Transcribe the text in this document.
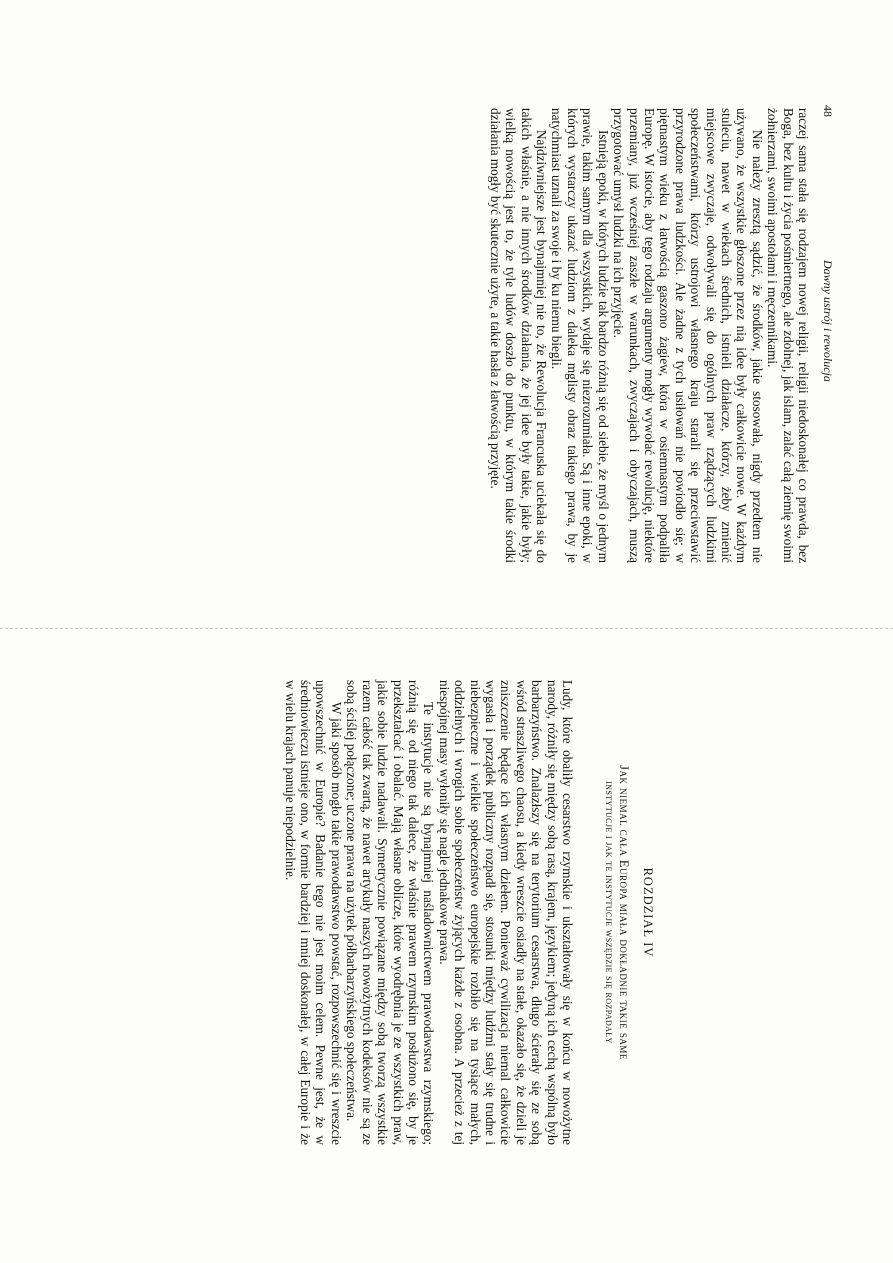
48
Dawny ustrój i rewolucja

raczej sama stała się rodzajem nowej religii, religii niedoskonałej co prawda, bez Boga, bez kultu i życia pośmiertnego, ale zdolnej, jak islam, zalać całą ziemię swoimi żołnierzami, swoimi apostołami i męczennikami.

Nie należy zresztą sądzić, że środków, jakie stosowała, nigdy przedtem nie używano, że wszystkie głoszone przez nią idee były całkowicie nowe. W każdym stuleciu, nawet w wiekach średnich, istnieli działacze, którzy, żeby zmienić miejscowe zwyczaje, odwoływali się do ogólnych praw rządzących ludzkimi społeczeństwami, którzy ustrojowi własnego kraju starali się przeciwstawić przyrodzone prawa ludzkości. Ale żadne z tych usiłowań nie powiodło się; w piętnastym wieku z łatwością gaszono żagiew, która w osiemnastym podpaliła Europę. W istocie, aby tego rodzaju argumenty mogły wywołać rewolucję, niektóre przemiany, już wcześniej zaszłe w warunkach, zwyczajach i obyczajach, muszą przygotować umysł ludzki na ich przyjęcie.

Istnieją epoki, w których ludzie tak bardzo różnią się od siebie, że myśl o jednym prawie, takim samym dla wszystkich, wydaje się niezrozumiała. Są i inne epoki, w których wystarczy ukazać ludziom z daleka mglisty obraz takiego prawa, by je natychmiast uznali za swoje i by ku niemu biegli.

Najdziwniejsze jest bynajmniej nie to, że Rewolucja Francuska uciekała się do takich właśnie, a nie innych środków działania, że jej idee były takie, jakie były; wielką nowością jest to, że tyle ludów doszło do punktu, w którym takie środki działania mogły być skutecznie użyte, a takie hasła z łatwością przyjęte.

ROZDZIAŁ IV
Jak niemal cała Europa miała dokładnie takie same
instytucje i jak te instytucje wszędzie się rozpadały

Ludy, które obaliły cesarstwo rzymskie i ukształtowały się w końcu w nowożytne narody, różniły się między sobą rasą, krajem, językiem; jedyną ich cechą wspólną było barbarzyństwo. Znalazłszy się na terytorium cesarstwa, długo ścierały się ze sobą wśród straszliwego chaosu, a kiedy wreszcie osiadły na stałe, okazało się, że dzieli je zniszczenie będące ich własnym dziełem. Ponieważ cywilizacja niemal całkowicie wygasła i porządek publiczny rozpadł się, stosunki między ludźmi stały się trudne i niebezpieczne i wielkie społeczeństwo europejskie rozbiło się na tysiące małych, oddzielnych i wrogich sobie społeczeństw żyjących każde z osobna. A przecież z tej niespójnej masy wyłoniły się nagle jednakowe prawa.

Te instytucje nie są bynajmniej naśladownictwem prawodawstwa rzymskiego; różnią się od niego tak dalece, że właśnie prawem rzymskim posłużono się, by je przekształcać i obalać. Mają własne oblicze, które wyodrębnia je ze wszystkich praw, jakie sobie ludzie nadawali. Symetrycznie powiązane między sobą tworzą wszystkie razem całość tak zwartą, że nawet artykuły naszych nowożytnych kodeksów nie są ze sobą ściślej połączone; uczone prawa na użytek półbarbarzyńskiego społeczeństwa.

W jaki sposób mogło takie prawodawstwo powstać, rozpowszechnić się i wreszcie upowszechnić w Europie? Badanie tego nie jest moim celem. Pewne jest, że w średniowieczu istnieje ono, w formie bardziej i mniej doskonałej, w całej Europie i że w wielu krajach panuje niepodzielnie.
